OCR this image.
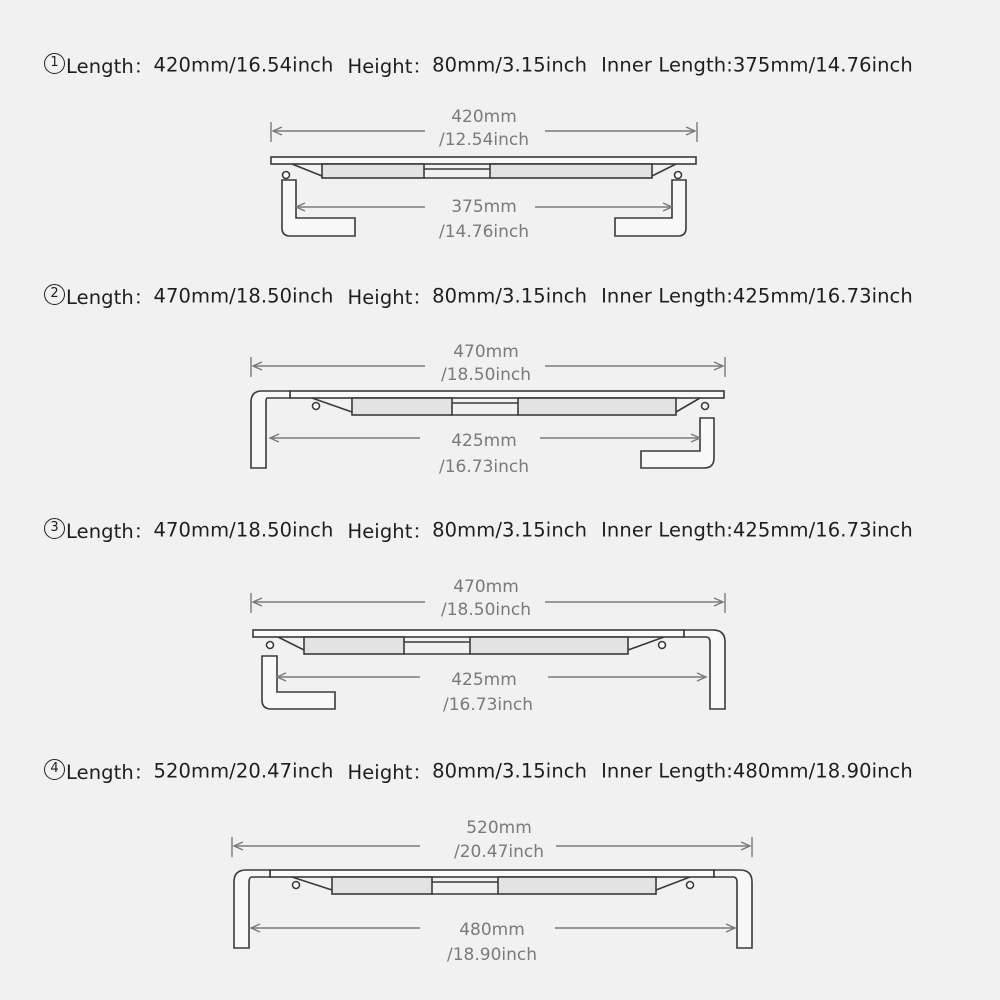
1 Length：420mm/16.54inch Height：80mm/3.15inch Inner Length:375mm/14.76inch
2 Length：470mm/18.50inch Height：80mm/3.15inch Inner Length:425mm/16.73inch
3 Length：470mm/18.50inch Height：80mm/3.15inch Inner Length:425mm/16.73inch
4 Length：520mm/20.47inch Height：80mm/3.15inch Inner Length:480mm/18.90inch
420mm
/12.54inch
375mm
/14.76inch
470mm
/18.50inch
425mm
/16.73inch
470mm
/18.50inch
425mm
/16.73inch
520mm
/20.47inch
480mm
/18.90inch
